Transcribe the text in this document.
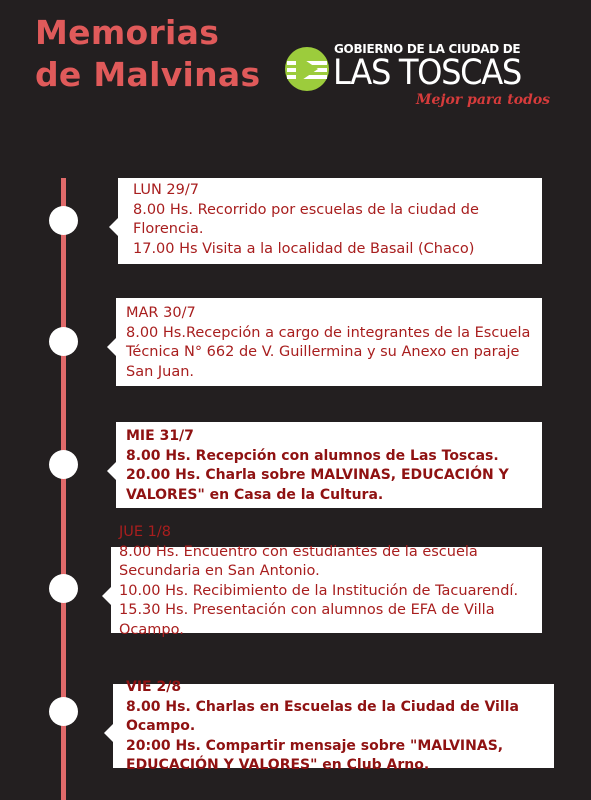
Memorias
de Malvinas
GOBIERNO DE LA CIUDAD DE
LAS TOSCAS
Mejor para todos
LUN 29/7
8.00 Hs. Recorrido por escuelas de la ciudad de Florencia.
17.00 Hs Visita a la localidad de Basail (Chaco)
MAR 30/7
8.00 Hs.Recepción a cargo de integrantes de la Escuela Técnica N° 662 de V. Guillermina y su Anexo en paraje San Juan.
MIE 31/7
8.00 Hs. Recepción con alumnos de Las Toscas.
20.00 Hs. Charla sobre MALVINAS, EDUCACIÓN Y VALORES" en Casa de la Cultura.
JUE 1/8
8.00 Hs. Encuentro con estudiantes de la escuela Secundaria en San Antonio.
10.00 Hs. Recibimiento de la Institución de Tacuarendí.
15.30 Hs. Presentación con alumnos de EFA de Villa Ocampo.
VIE 2/8
8.00 Hs. Charlas en Escuelas de la Ciudad de Villa Ocampo.
20:00 Hs. Compartir mensaje sobre "MALVINAS, EDUCACIÓN Y VALORES" en Club Arno.
